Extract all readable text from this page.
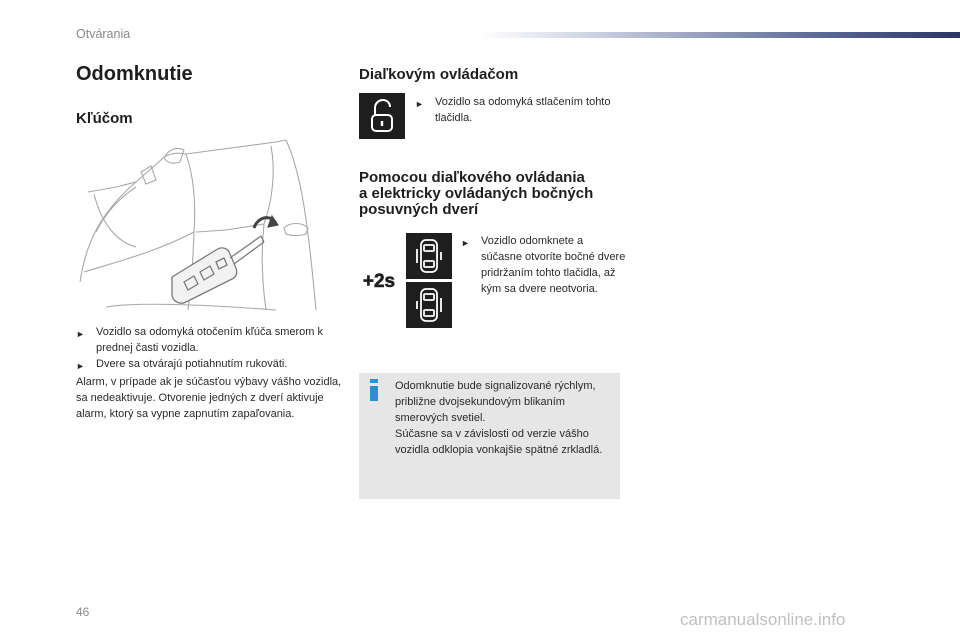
Otvárania
Odomknutie
Kľúčom
►	Vozidlo sa odomyká otočením kľúča smerom k prednej časti vozidla.
►	Dvere sa otvárajú potiahnutím rukoväti.
Alarm, v prípade ak je súčasťou výbavy vášho vozidla, sa nedeaktivuje. Otvorenie jedných z dverí aktivuje alarm, ktorý sa vypne zapnutím zapaľovania.
Diaľkovým ovládačom
►	Vozidlo sa odomyká stlačením tohto tlačidla.
Pomocou diaľkového ovládania
a elektricky ovládaných bočných
posuvných dverí
+2s
►	Vozidlo odomknete a súčasne otvoríte bočné dvere pridržaním tohto tlačidla, až kým sa dvere neotvoria.

Odomknutie bude signalizované rýchlym, približne dvojsekundovým blikaním smerových svetiel.

Súčasne sa v závislosti od verzie vášho vozidla odklopia vonkajšie spätné zrkladlá.

46	carmanualsonline.info
